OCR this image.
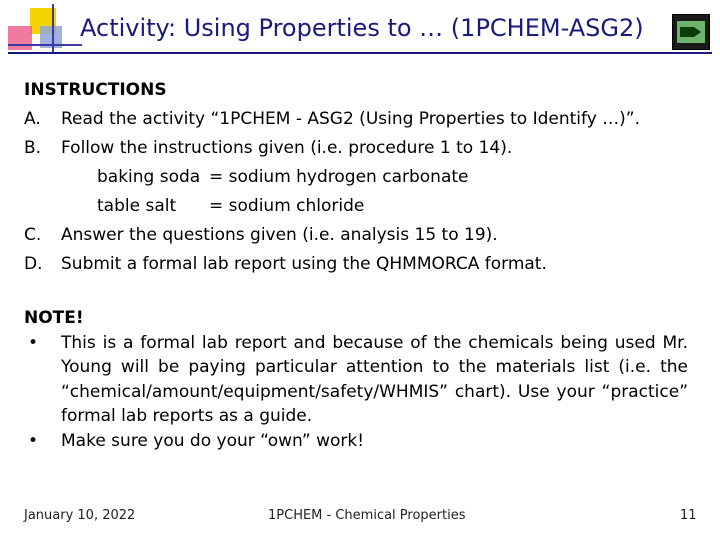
Activity: Using Properties to … (1PCHEM-ASG2)
INSTRUCTIONS
A. Read the activity “1PCHEM - ASG2 (Using Properties to Identify …)”.
B. Follow the instructions given (i.e. procedure 1 to 14).
baking soda = sodium hydrogen carbonate
table salt = sodium chloride
C. Answer the questions given (i.e. analysis 15 to 19).
D. Submit a formal lab report using the QHMMORCA format.
NOTE!
• This is a formal lab report and because of the chemicals being used Mr. Young will be paying particular attention to the materials list (i.e. the “chemical/amount/equipment/safety/WHMIS” chart). Use your “practice” formal lab reports as a guide.
• Make sure you do your “own” work!
January 10, 2022	1PCHEM - Chemical Properties	11
